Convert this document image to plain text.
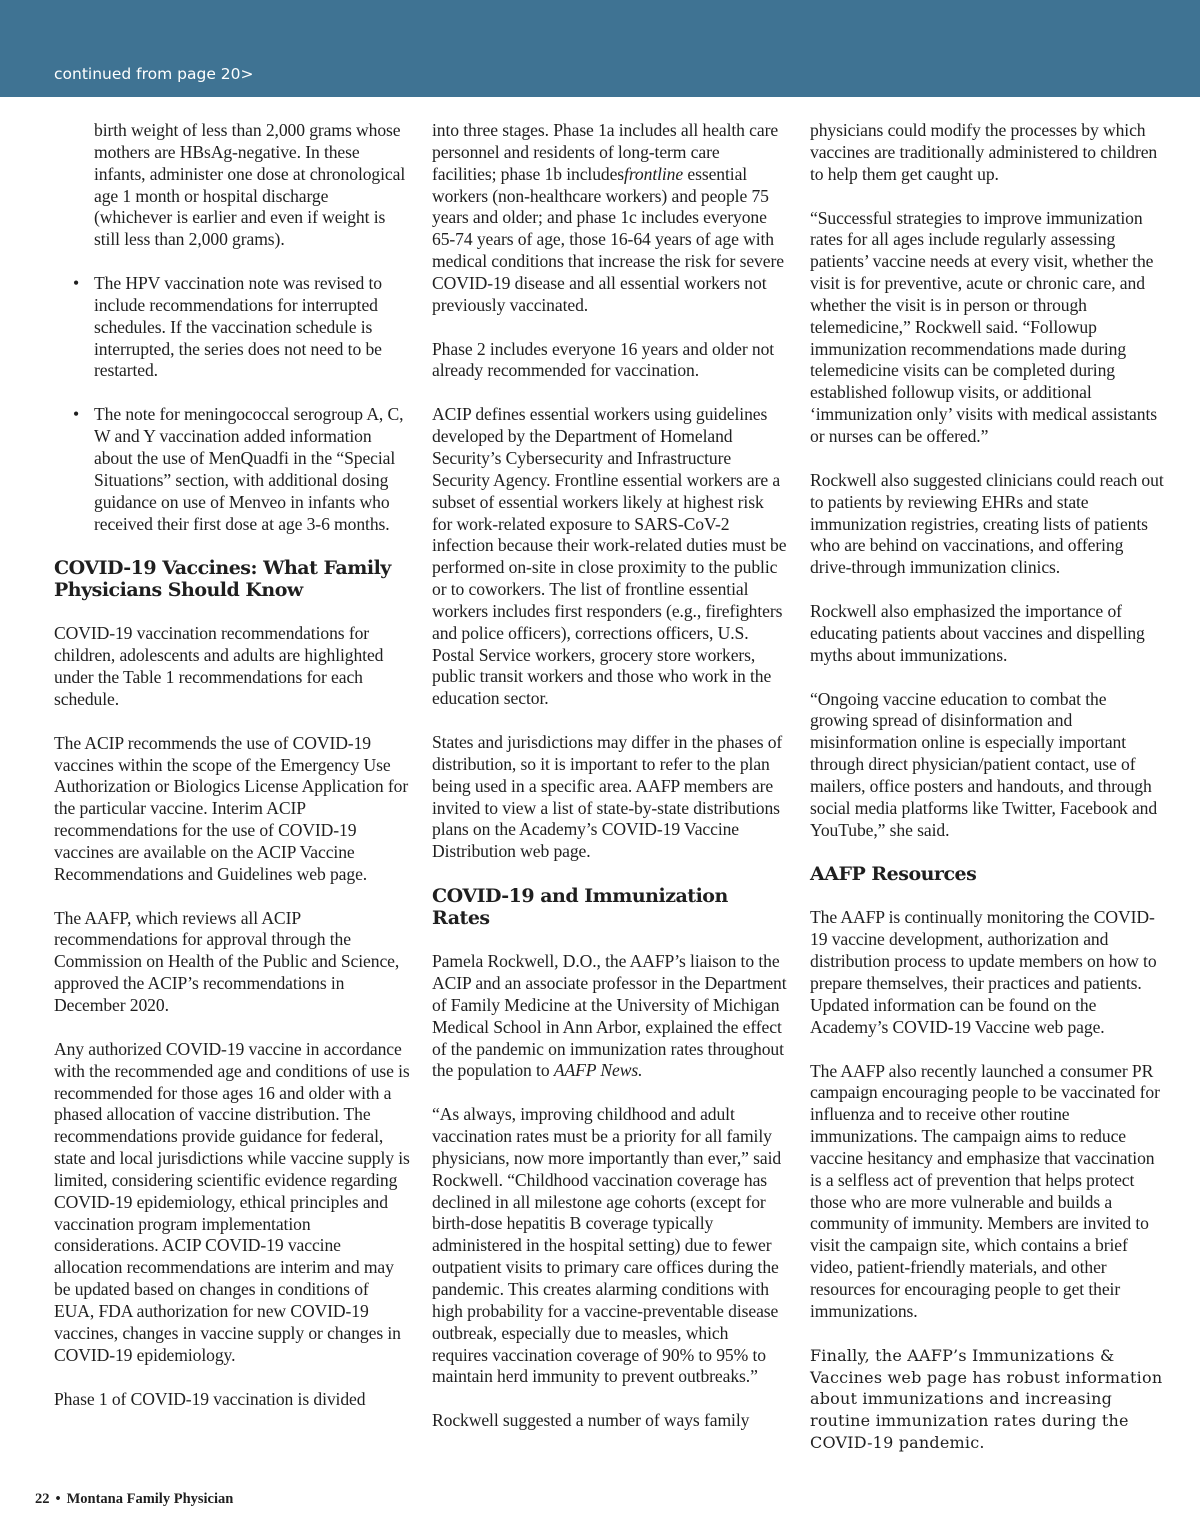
continued from page 20>

birth weight of less than 2,000 grams whose mothers are HBsAg-negative. In these infants, administer one dose at chronological age 1 month or hospital discharge (whichever is earlier and even if weight is still less than 2,000 grams).

• The HPV vaccination note was revised to include recommendations for interrupted schedules. If the vaccination schedule is interrupted, the series does not need to be restarted.
• The note for meningococcal serogroup A, C, W and Y vaccination added information about the use of MenQuadfi in the “Special Situations” section, with additional dosing guidance on use of Menveo in infants who received their first dose at age 3-6 months.
COVID-19 Vaccines: What Family Physicians Should Know

COVID-19 vaccination recommendations for children, adolescents and adults are highlighted under the Table 1 recommendations for each schedule.

The ACIP recommends the use of COVID-19 vaccines within the scope of the Emergency Use Authorization or Biologics License Application for the particular vaccine. Interim ACIP recommendations for the use of COVID-19 vaccines are available on the ACIP Vaccine Recommendations and Guidelines web page.

The AAFP, which reviews all ACIP recommendations for approval through the Commission on Health of the Public and Science, approved the ACIP’s recommendations in December 2020.

Any authorized COVID-19 vaccine in accordance with the recommended age and conditions of use is recommended for those ages 16 and older with a phased allocation of vaccine distribution. The recommendations provide guidance for federal, state and local jurisdictions while vaccine supply is limited, considering scientific evidence regarding COVID-19 epidemiology, ethical principles and vaccination program implementation considerations. ACIP COVID-19 vaccine allocation recommendations are interim and may be updated based on changes in conditions of EUA, FDA authorization for new COVID-19 vaccines, changes in vaccine supply or changes in COVID-19 epidemiology.

Phase 1 of COVID-19 vaccination is divided

into three stages. Phase 1a includes all health care personnel and residents of long-term care facilities; phase 1b includesfrontline essential workers (non-healthcare workers) and people 75 years and older; and phase 1c includes everyone 65-74 years of age, those 16-64 years of age with medical conditions that increase the risk for severe COVID-19 disease and all essential workers not previously vaccinated.

Phase 2 includes everyone 16 years and older not already recommended for vaccination.

ACIP defines essential workers using guidelines developed by the Department of Homeland Security’s Cybersecurity and Infrastructure Security Agency. Frontline essential workers are a subset of essential workers likely at highest risk for work-related exposure to SARS-CoV-2 infection because their work-related duties must be performed on-site in close proximity to the public or to coworkers. The list of frontline essential workers includes first responders (e.g., firefighters and police officers), corrections officers, U.S. Postal Service workers, grocery store workers, public transit workers and those who work in the education sector.

States and jurisdictions may differ in the phases of distribution, so it is important to refer to the plan being used in a specific area. AAFP members are invited to view a list of state-by-state distributions plans on the Academy’s COVID-19 Vaccine Distribution web page.

COVID-19 and Immunization Rates

Pamela Rockwell, D.O., the AAFP’s liaison to the ACIP and an associate professor in the Department of Family Medicine at the University of Michigan Medical School in Ann Arbor, explained the effect of the pandemic on immunization rates throughout the population to AAFP News.

“As always, improving childhood and adult vaccination rates must be a priority for all family physicians, now more importantly than ever,” said Rockwell. “Childhood vaccination coverage has declined in all milestone age cohorts (except for birth-dose hepatitis B coverage typically administered in the hospital setting) due to fewer outpatient visits to primary care offices during the pandemic. This creates alarming conditions with high probability for a vaccine-preventable disease outbreak, especially due to measles, which requires vaccination coverage of 90% to 95% to maintain herd immunity to prevent outbreaks.”

Rockwell suggested a number of ways family

physicians could modify the processes by which vaccines are traditionally administered to children to help them get caught up.

“Successful strategies to improve immunization rates for all ages include regularly assessing patients’ vaccine needs at every visit, whether the visit is for preventive, acute or chronic care, and whether the visit is in person or through telemedicine,” Rockwell said. “Followup immunization recommendations made during telemedicine visits can be completed during established followup visits, or additional ‘immunization only’ visits with medical assistants or nurses can be offered.”

Rockwell also suggested clinicians could reach out to patients by reviewing EHRs and state immunization registries, creating lists of patients who are behind on vaccinations, and offering drive-through immunization clinics.

Rockwell also emphasized the importance of educating patients about vaccines and dispelling myths about immunizations.

“Ongoing vaccine education to combat the growing spread of disinformation and misinformation online is especially important through direct physician/patient contact, use of mailers, office posters and handouts, and through social media platforms like Twitter, Facebook and YouTube,” she said.

AAFP Resources

The AAFP is continually monitoring the COVID-19 vaccine development, authorization and distribution process to update members on how to prepare themselves, their practices and patients. Updated information can be found on the Academy’s COVID-19 Vaccine web page.

The AAFP also recently launched a consumer PR campaign encouraging people to be vaccinated for influenza and to receive other routine immunizations. The campaign aims to reduce vaccine hesitancy and emphasize that vaccination is a selfless act of prevention that helps protect those who are more vulnerable and builds a community of immunity. Members are invited to visit the campaign site, which contains a brief video, patient-friendly materials, and other resources for encouraging people to get their immunizations.

Finally, the AAFP’s Immunizations & Vaccines web page has robust information about immunizations and increasing routine immunization rates during the COVID-19 pandemic.

22 • Montana Family Physician
